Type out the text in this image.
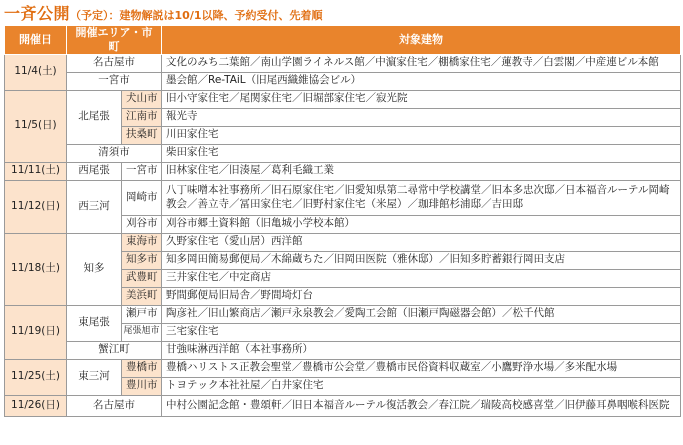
一斉公開 （予定）：建物解説は10/1以降、予約受付、先着順
開催日	開催エリア・市町		対象建物
11/4(土)	名古屋市		文化のみち二葉館／南山学園ライネルス館／中濵家住宅／棚橋家住宅／蓮教寺／白雲閣／中産連ビル本館
	一宮市		墨会館／Re-TAiL（旧尾西織維協会ビル）
11/5(日)	北尾張	犬山市	旧小守家住宅／尾関家住宅／旧堀部家住宅／寂光院
		江南市	報光寺
		扶桑町	川田家住宅
	清須市		柴田家住宅
11/11(土)	西尾張	一宮市	旧林家住宅／旧湊屋／葛利毛織工業
11/12(日)	西三河	岡崎市	八丁味噌本社事務所／旧石原家住宅／旧愛知県第二尋常中学校講堂／旧本多忠次邸／日本福音ルーテル岡崎教会／善立寺／冨田家住宅／旧野村家住宅（米屋）／珈琲館杉浦邸／吉田邸
		刈谷市	刈谷市郷土資料館（旧亀城小学校本館）
11/18(土)	知多	東海市	久野家住宅（愛山居）西洋館
		知多市	知多岡田簡易郵便局／木綿蔵ちた／旧岡田医院（雅休邸）／旧知多貯蓄銀行岡田支店
		武豊町	三井家住宅／中定商店
		美浜町	野間郵便局旧局舎／野間埼灯台
11/19(日)	東尾張	瀬戸市	陶彦社／旧山繁商店／瀬戸永泉教会／愛陶工会館（旧瀬戸陶磁器会館）／松千代館
		尾張旭市	三宅家住宅
	蟹江町		甘強味淋西洋館（本社事務所）
11/25(土)	東三河	豊橋市	豊橋ハリストス正教会聖堂／豊橋市公会堂／豊橋市民俗資料収蔵室／小鷹野浄水場／多米配水場
		豊川市	トヨテック本社社屋／白井家住宅
11/26(日)	名古屋市		中村公園記念館・豊頌軒／旧日本福音ルーテル復活教会／春江院／瑞陵高校感喜堂／旧伊藤耳鼻咽喉科医院
